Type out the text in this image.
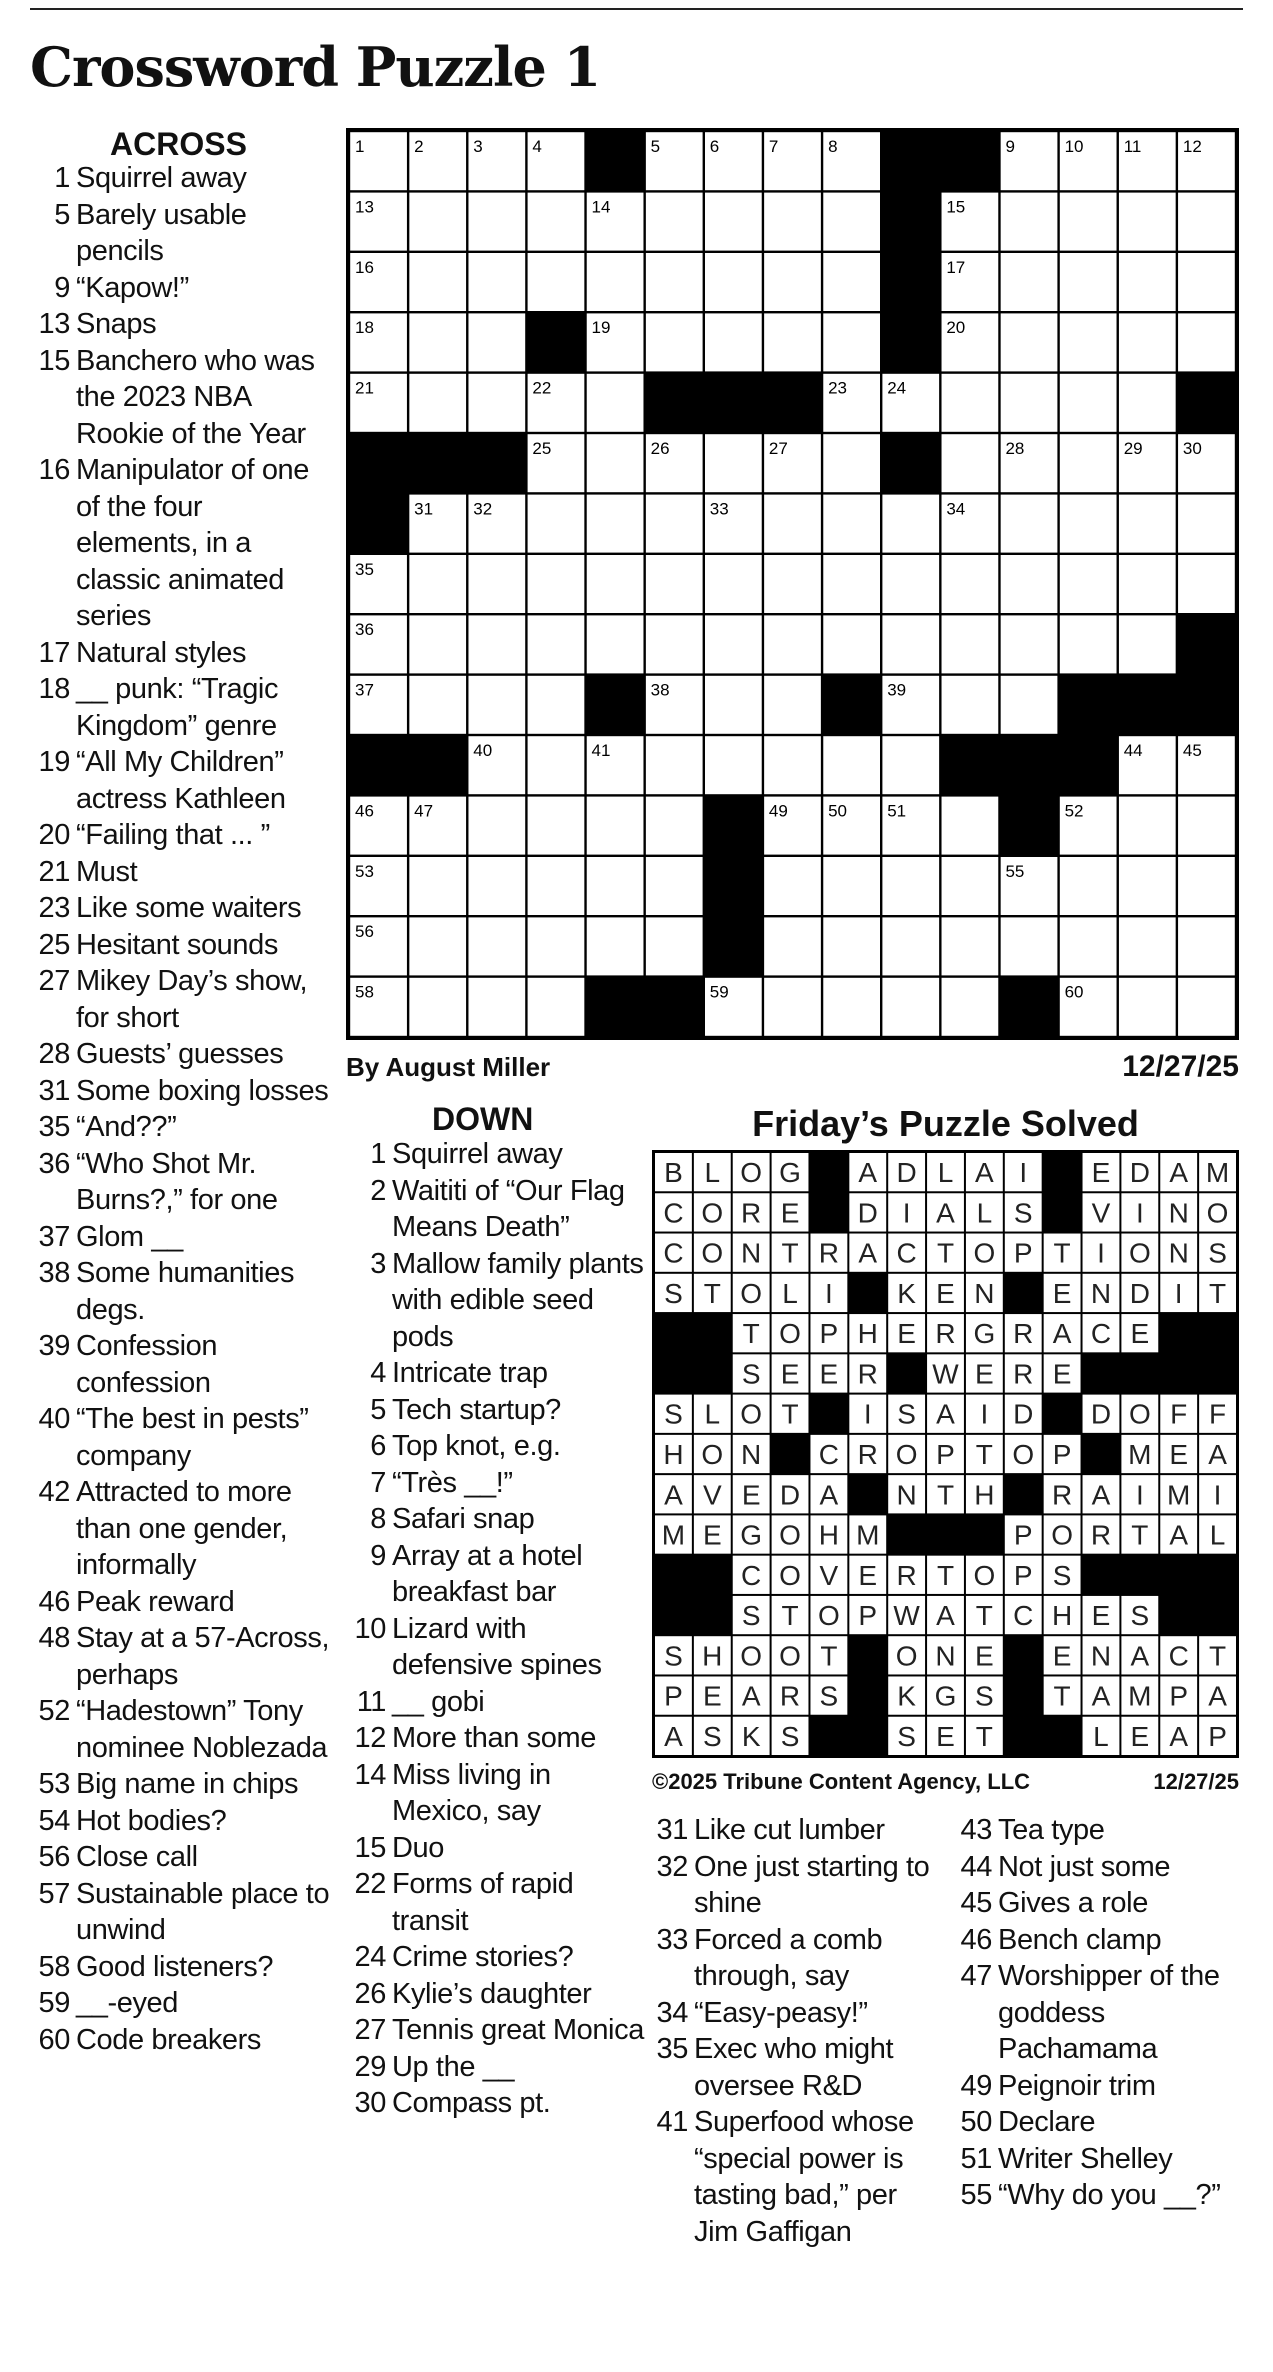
Crossword Puzzle 1
ACROSS
1 Squirrel away
5 Barely usable pencils
9 “Kapow!”
13 Snaps
15 Banchero who was the 2023 NBA Rookie of the Year
16 Manipulator of one of the four elements, in a classic animated series
17 Natural styles
18 __ punk: “Tragic Kingdom” genre
19 “All My Children” actress Kathleen
20 “Failing that ... ”
21 Must
23 Like some waiters
25 Hesitant sounds
27 Mikey Day’s show, for short
28 Guests’ guesses
31 Some boxing losses
35 “And??”
36 “Who Shot Mr. Burns?,” for one
37 Glom __
38 Some humanities degs.
39 Confession confession
40 “The best in pests” company
42 Attracted to more than one gender, informally
46 Peak reward
48 Stay at a 57-Across, perhaps
52 “Hadestown” Tony nominee Noblezada
53 Big name in chips
54 Hot bodies?
56 Close call
57 Sustainable place to unwind
58 Good listeners?
59 __-eyed
60 Code breakers
1	2	3	4	5	6	7	8	9	10 11 12
13	14	15
16	17
18	19	20
21	22	23 24
25	26	27	28	29 30
31 32	33	34
35
36
37	38	39
40	41	42	43 44 45
46 47	48 49 50 51	52
53	54	55
56	57
58	59	60
By August Miller	12/27/25
DOWN
1 Squirrel away
2 Waititi of “Our Flag Means Death”
3 Mallow family plants with edible seed pods
4 Intricate trap
5 Tech startup?
6 Top knot, e.g.
7 “Très __!”
8 Safari snap
9 Array at a hotel breakfast bar
10 Lizard with defensive spines
11 __ gobi
12 More than some
14 Miss living in Mexico, say
15 Duo
22 Forms of rapid transit
24 Crime stories?
26 Kylie’s daughter
27 Tennis great Monica
29 Up the __
30 Compass pt.
Friday’s Puzzle Solved
B L O G A D L A I E D A M
C O R E D I A L S V I N O
C O N T R A C T O P T I O N S
S T O L I K E N E N D I T
T O P H E R G R A C E
S E E R W E R E
S L O T I S A I D D O F F
H O N C R O P T O P M E A
A V E D A N T H R A I M I
M E G O H M	P O R T A L
C O V E R T O P S
S T O P W A T C H E S
S H O O T O N E E N A C T
P E A R S K G S T A M P A
A S K S	S E T	L E A P
©2025 Tribune Content Agency, LLC	12/27/25
31 Like cut lumber
32 One just starting to shine
33 Forced a comb through, say
34 “Easy-peasy!”
35 Exec who might oversee R&D
41 Superfood whose “special power is tasting bad,” per Jim Gaffigan
43 Tea type
44 Not just some
45 Gives a role
46 Bench clamp
47 Worshipper of the goddess Pachamama
49 Peignoir trim
50 Declare
51 Writer Shelley
55 “Why do you __?”
